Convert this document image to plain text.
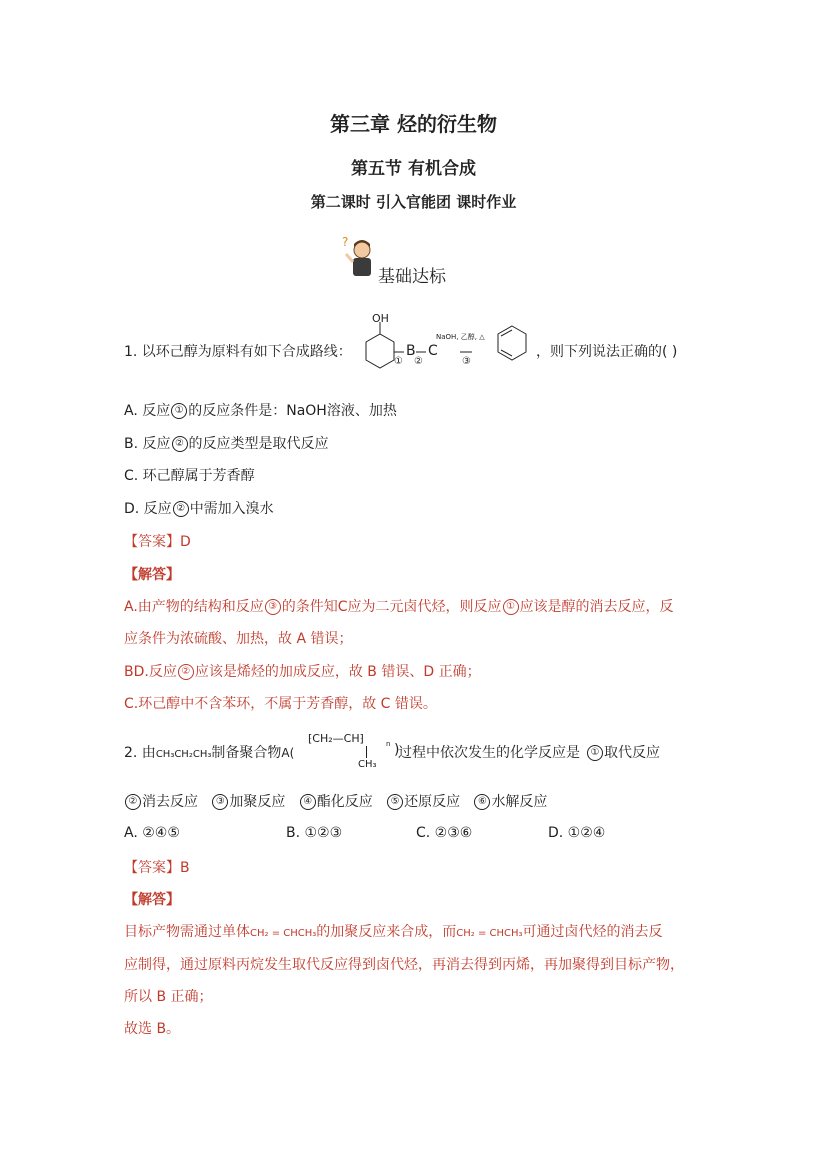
第三章 烃的衍生物
第五节 有机合成
第二课时 引入官能团 课时作业
?
基础达标
1. 以环己醇为原料有如下合成路线：
OH
B C
NaOH, 乙醇, △
① ②	③
，则下列说法正确的( )
A. 反应 ① 的反应条件是：NaOH溶液、加热
B. 反应 ② 的反应类型是取代反应
C. 环己醇属于芳香醇
D. 反应 ② 中需加入溴水
【答案】D
【解答】
A.由产物的结构和反应 ③ 的条件知C应为二元卤代烃，则反应 ① 应该是醇的消去反应，反
应条件为浓硫酸、加热，故 A 错误；
BD.反应 ② 应该是烯烃的加成反应，故 B 错误、D 正确；
C.环己醇中不含苯环，不属于芳香醇，故 C 错误。
2. 由CH₃CH₂CH₃制备聚合物A(
⁅CH₂—CH⁆	n
CH₃
)
过程中依次发生的化学反应是 ① 取代反应
② 消去反应 ③ 加聚反应 ④ 酯化反应 ⑤ 还原反应 ⑥ 水解反应
A. ②④⑤	B. ①②③	C. ②③⑥	D. ①②④
【答案】B
【解答】
目标产物需通过单体CH₂ = CHCH₃的加聚反应来合成，而CH₂ = CHCH₃可通过卤代烃的消去反
应制得，通过原料丙烷发生取代反应得到卤代烃，再消去得到丙烯，再加聚得到目标产物，
所以 B 正确；
故选 B。
